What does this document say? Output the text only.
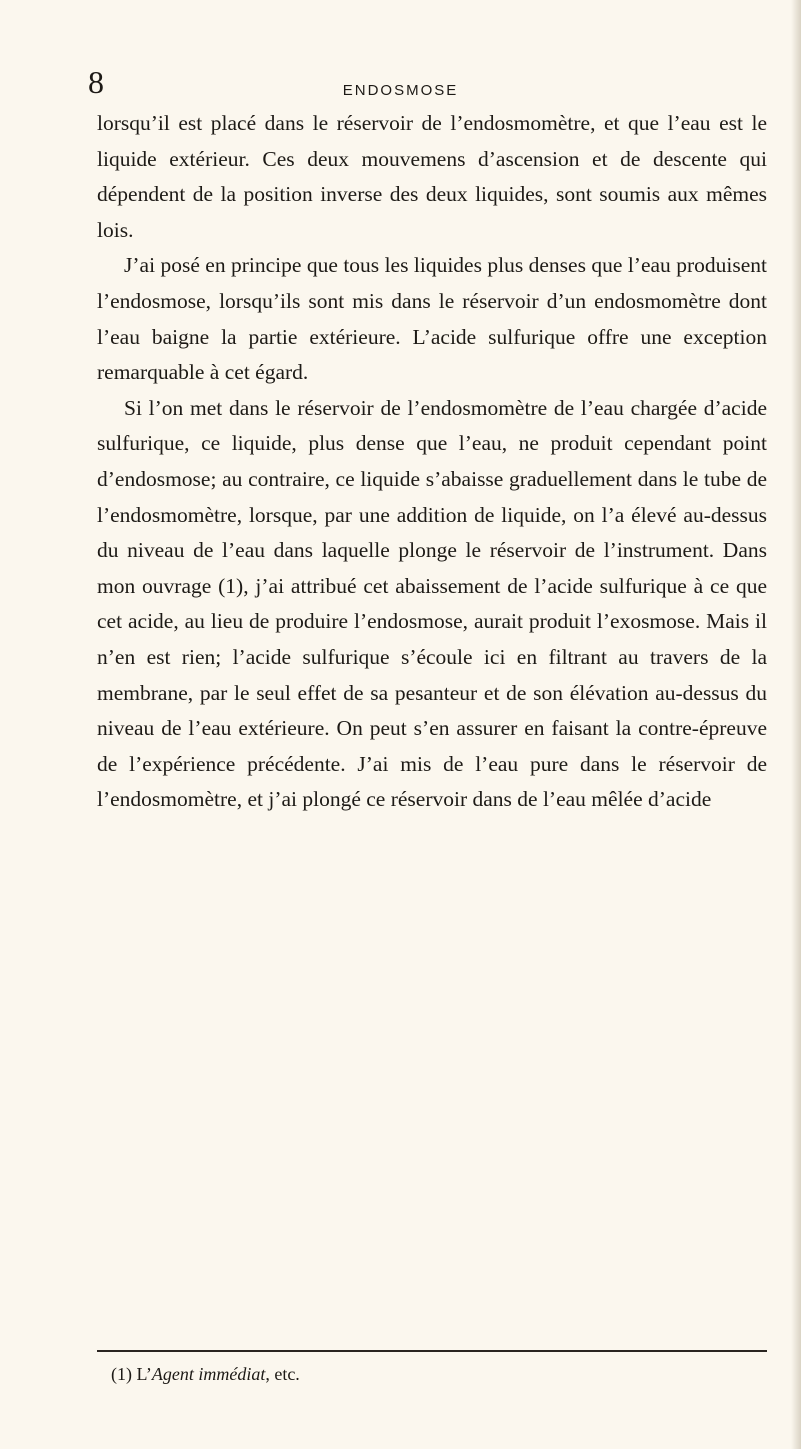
8	ENDOSMOSE

lorsqu’il est placé dans le réservoir de l’endosmomètre, et que l’eau est le liquide extérieur. Ces deux mouvemens d’ascension et de descente qui dépendent de la position inverse des deux liquides, sont soumis aux mêmes lois.

J’ai posé en principe que tous les liquides plus denses que l’eau produisent l’endosmose, lorsqu’ils sont mis dans le réservoir d’un endosmomètre dont l’eau baigne la partie extérieure. L’acide sulfurique offre une exception remarquable à cet égard.

Si l’on met dans le réservoir de l’endosmomètre de l’eau chargée d’acide sulfurique, ce liquide, plus dense que l’eau, ne produit cependant point d’endosmose; au contraire, ce liquide s’abaisse graduellement dans le tube de l’endosmomètre, lorsque, par une addition de liquide, on l’a élevé au-dessus du niveau de l’eau dans laquelle plonge le réservoir de l’instrument. Dans mon ouvrage (1), j’ai attribué cet abaissement de l’acide sulfurique à ce que cet acide, au lieu de produire l’endosmose, aurait produit l’exosmose. Mais il n’en est rien; l’acide sulfurique s’écoule ici en filtrant au travers de la membrane, par le seul effet de sa pesanteur et de son élévation au-dessus du niveau de l’eau extérieure. On peut s’en assurer en faisant la contre-épreuve de l’expérience précédente. J’ai mis de l’eau pure dans le réservoir de l’endosmomètre, et j’ai plongé ce réservoir dans de l’eau mêlée d’acide

(1) L’Agent immédiat, etc.
